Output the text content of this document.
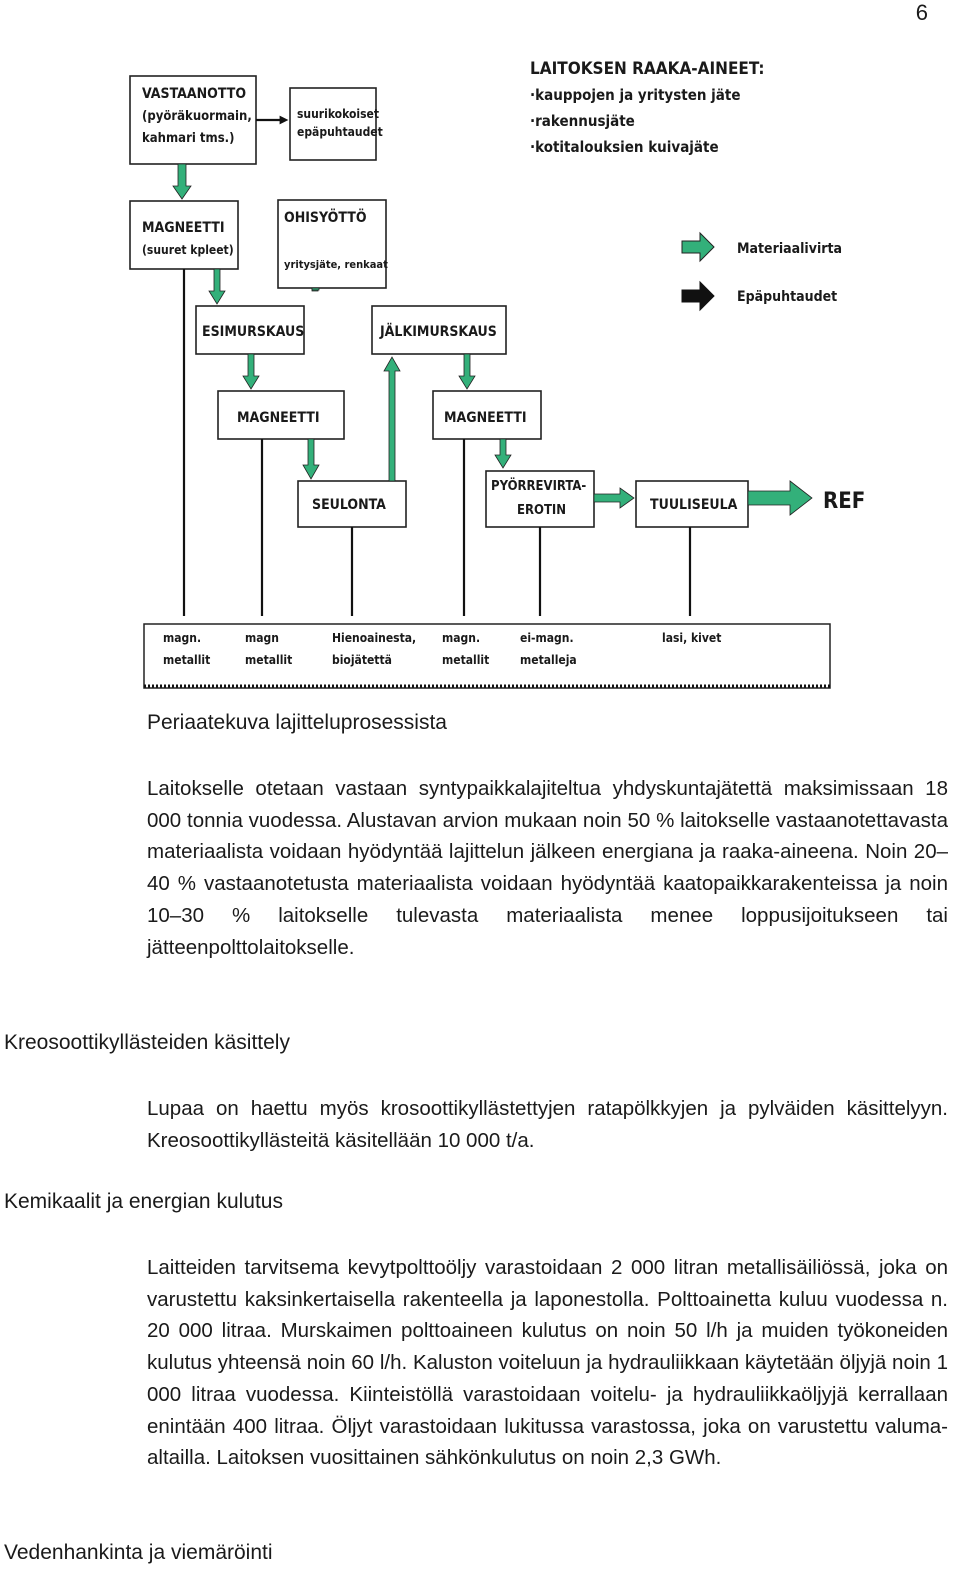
6
LAITOKSEN RAAKA-AINEET:
·kauppojen ja yritysten jäte
·rakennusjäte
·kotitalouksien kuivajäte
Materiaalivirta
Epäpuhtaudet
VASTAANOTTO
(pyöräkuormain,
kahmari tms.)
suurikokoiset
epäpuhtaudet
MAGNEETTI
(suuret kpleet)
OHISYÖTTÖ
yritysjäte, renkaat
ESIMURSKAUS	JÄLKIMURSKAUS
MAGNEETTI	MAGNEETTI
SEULONTA
PYÖRREVIRTA-
EROTIN	TUULISEULA
magn.
metallit
magn
metallit
Hienoainesta,
biojätettä
magn.
metallit
ei-magn.
metalleja
lasi, kivet
REF
Periaatekuva lajitteluprosessista

Laitokselle otetaan vastaan syntypaikkalajiteltua yhdyskuntajätettä maksimissaan 18 000 tonnia vuodessa. Alustavan arvion mukaan noin 50 % laitokselle vastaanotettavasta materiaalista voidaan hyödyntää lajittelun jälkeen energiana ja raaka-aineena. Noin 20–40 % vastaanotetusta materiaalista voidaan hyödyntää kaatopaikkarakenteissa ja noin 10–30 % laitokselle tulevasta materiaalista menee loppusijoitukseen tai jätteenpolttolaitokselle.

Kreosoottikyllästeiden käsittely

Lupaa on haettu myös krosoottikyllästettyjen ratapölkkyjen ja pylväiden käsittelyyn. Kreosoottikyllästeitä käsitellään 10 000 t/a.

Kemikaalit ja energian kulutus

Laitteiden tarvitsema kevytpolttoöljy varastoidaan 2 000 litran metallisäiliössä, joka on varustettu kaksinkertaisella rakenteella ja laponestolla. Polttoainetta kuluu vuodessa n. 20 000 litraa. Murskaimen polttoaineen kulutus on noin 50 l/h ja muiden työkoneiden kulutus yhteensä noin 60 l/h. Kaluston voiteluun ja hydrauliikkaan käytetään öljyjä noin 1 000 litraa vuodessa. Kiinteistöllä varastoidaan voitelu- ja hydrauliikkaöljyjä kerrallaan enintään 400 litraa. Öljyt varastoidaan lukitussa varastossa, joka on varustettu valuma-altailla. Laitoksen vuosittainen sähkönkulutus on noin 2,3 GWh.

Vedenhankinta ja viemäröinti
